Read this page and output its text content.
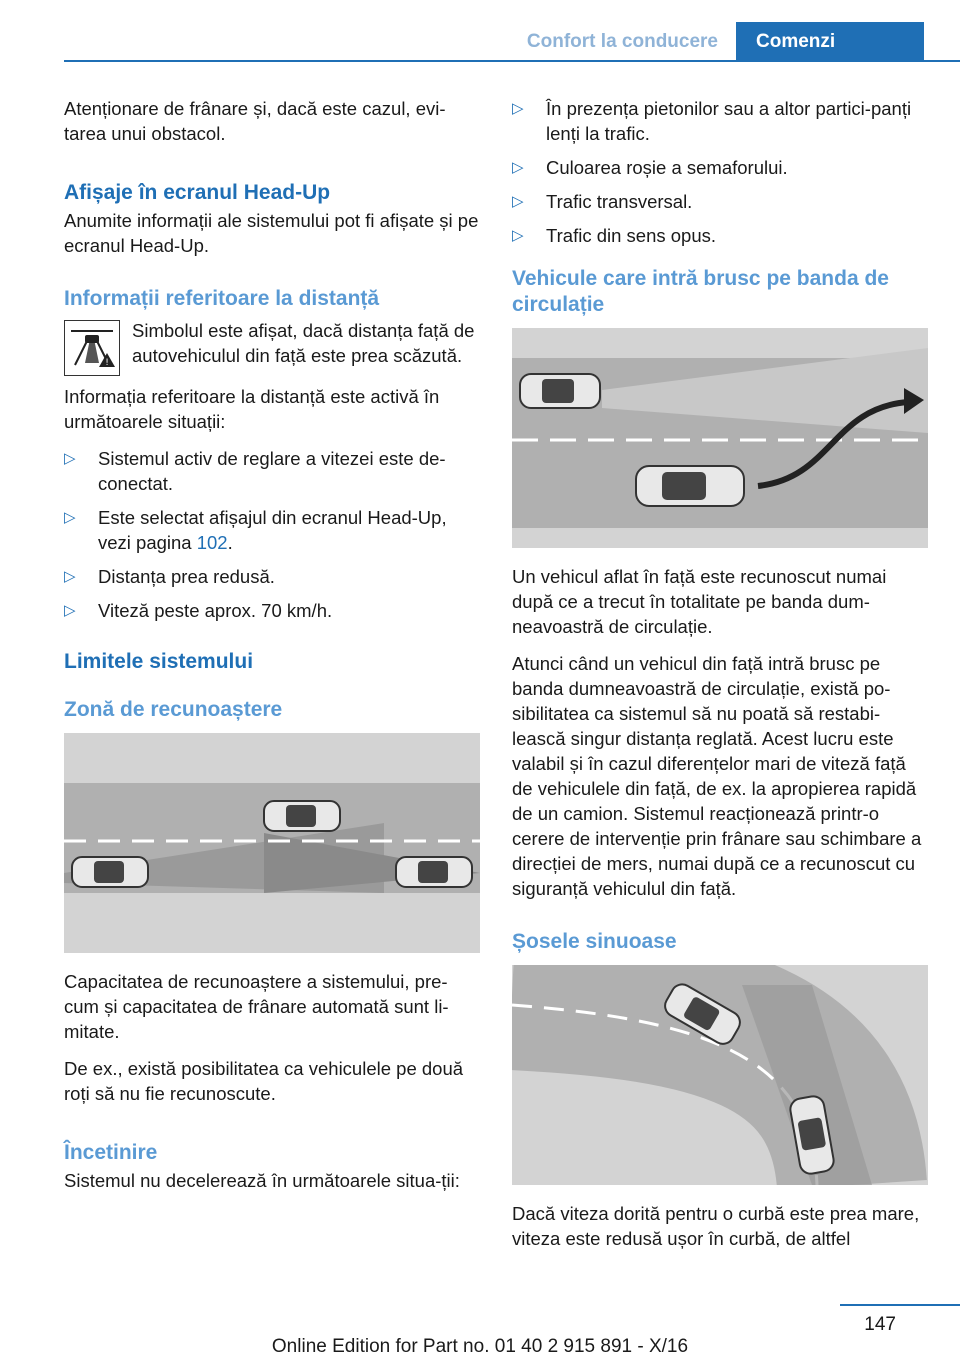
Confort la conducere	Comenzi

Atenționare de frânare și, dacă este cazul, evi-tarea unui obstacol.

Afișaje în ecranul Head-Up

Anumite informații ale sistemului pot fi afișate și pe ecranul Head-Up.

Informații referitoare la distanță
!
Simbolul este afișat, dacă distanța față de autovehiculul din față este prea scăzută.

Informația referitoare la distanță este activă în următoarele situații:

▷ Sistemul activ de reglare a vitezei este de-conectat.
▷ Este selectat afișajul din ecranul Head-Up, vezi pagina 102.
▷ Distanța prea redusă.
▷ Viteză peste aprox. 70 km/h.
Limitele sistemului
Zonă de recunoaștere

Capacitatea de recunoaștere a sistemului, pre-cum și capacitatea de frânare automată sunt li-mitate.

De ex., există posibilitatea ca vehiculele pe două roți să nu fie recunoscute.

Încetinire

Sistemul nu decelerează în următoarele situa-ții:

▷ În prezența pietonilor sau a altor partici-panți lenți la trafic.
▷ Culoarea roșie a semaforului.
▷ Trafic transversal.
▷ Trafic din sens opus.
Vehicule care intră brusc pe banda de circulație

Un vehicul aflat în față este recunoscut numai după ce a trecut în totalitate pe banda dum-neavoastră de circulație.

Atunci când un vehicul din față intră brusc pe banda dumneavoastră de circulație, există po-sibilitatea ca sistemul să nu poată să restabi-lească singur distanța reglată. Acest lucru este valabil și în cazul diferențelor mari de viteză față de vehiculele din față, de ex. la apropierea rapidă de un camion. Sistemul reacționează printr-o cerere de intervenție prin frânare sau schimbare a direcției de mers, numai după ce a recunoscut cu siguranță vehiculul din față.

Șosele sinuoase

Dacă viteza dorită pentru o curbă este prea mare, viteza este redusă ușor în curbă, de altfel

147
Online Edition for Part no. 01 40 2 915 891 - X/16
